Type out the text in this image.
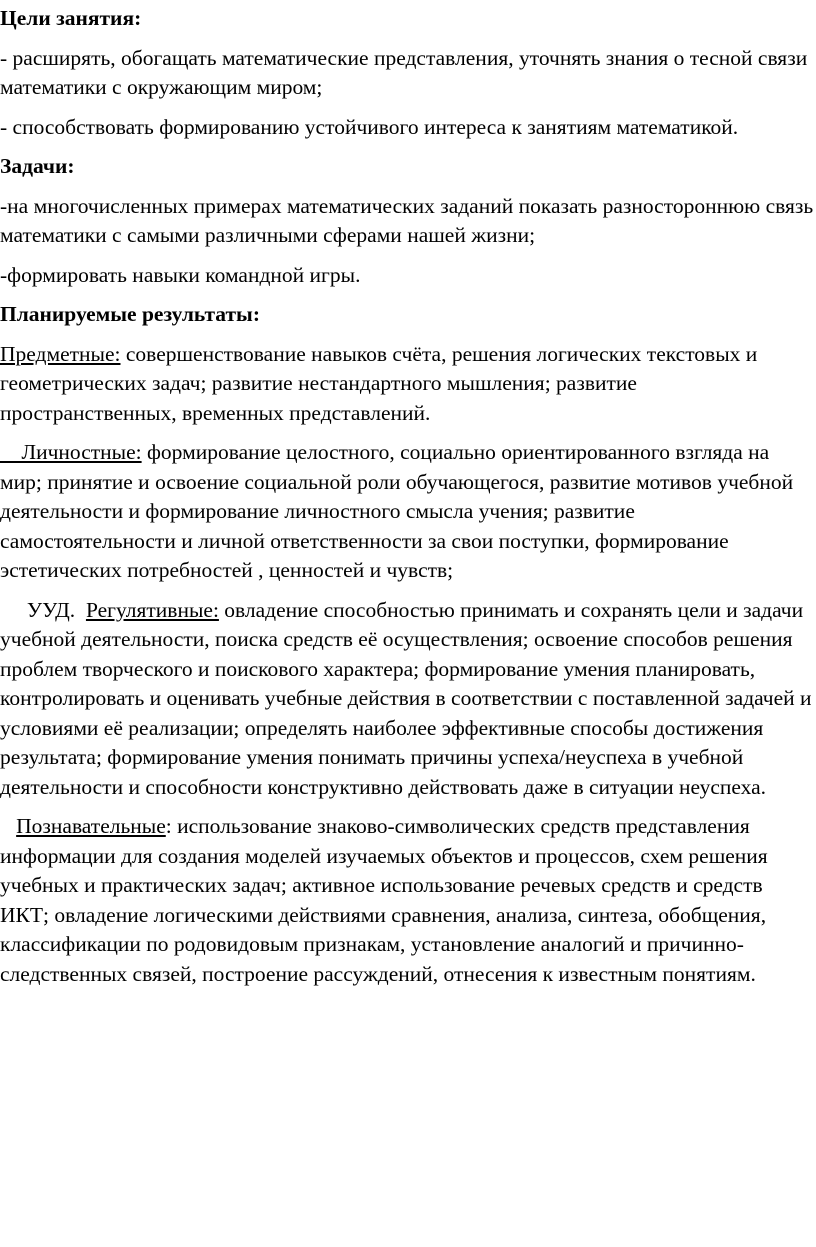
Цели занятия:

- расширять, обогащать математические представления, уточнять знания о тесной связи математики с окружающим миром;

- способствовать формированию устойчивого интереса к занятиям математикой.

Задачи:

-на многочисленных примерах математических заданий показать разностороннюю связь математики с самыми различными сферами нашей жизни;

-формировать навыки командной игры.

Планируемые результаты:

Предметные: совершенствование навыков счёта, решения логических текстовых и геометрических задач; развитие нестандартного мышления; развитие пространственных, временных представлений.

Личностные: формирование целостного, социально ориентированного взгляда на мир; принятие и освоение социальной роли обучающегося, развитие мотивов учебной деятельности и формирование личностного смысла учения; развитие самостоятельности и личной ответственности за свои поступки, формирование эстетических потребностей , ценностей и чувств;

УУД. Регулятивные: овладение способностью принимать и сохранять цели и задачи учебной деятельности, поиска средств её осуществления; освоение способов решения проблем творческого и поискового характера; формирование умения планировать, контролировать и оценивать учебные действия в соответствии с поставленной задачей и условиями её реализации; определять наиболее эффективные способы достижения результата; формирование умения понимать причины успеха/неуспеха в учебной деятельности и способности конструктивно действовать даже в ситуации неуспеха.

Познавательные: использование знаково-символических средств представления информации для создания моделей изучаемых объектов и процессов, схем решения учебных и практических задач; активное использование речевых средств и средств ИКТ; овладение логическими действиями сравнения, анализа, синтеза, обобщения, классификации по родовидовым признакам, установление аналогий и причинно-следственных связей, построение рассуждений, отнесения к известным понятиям.
